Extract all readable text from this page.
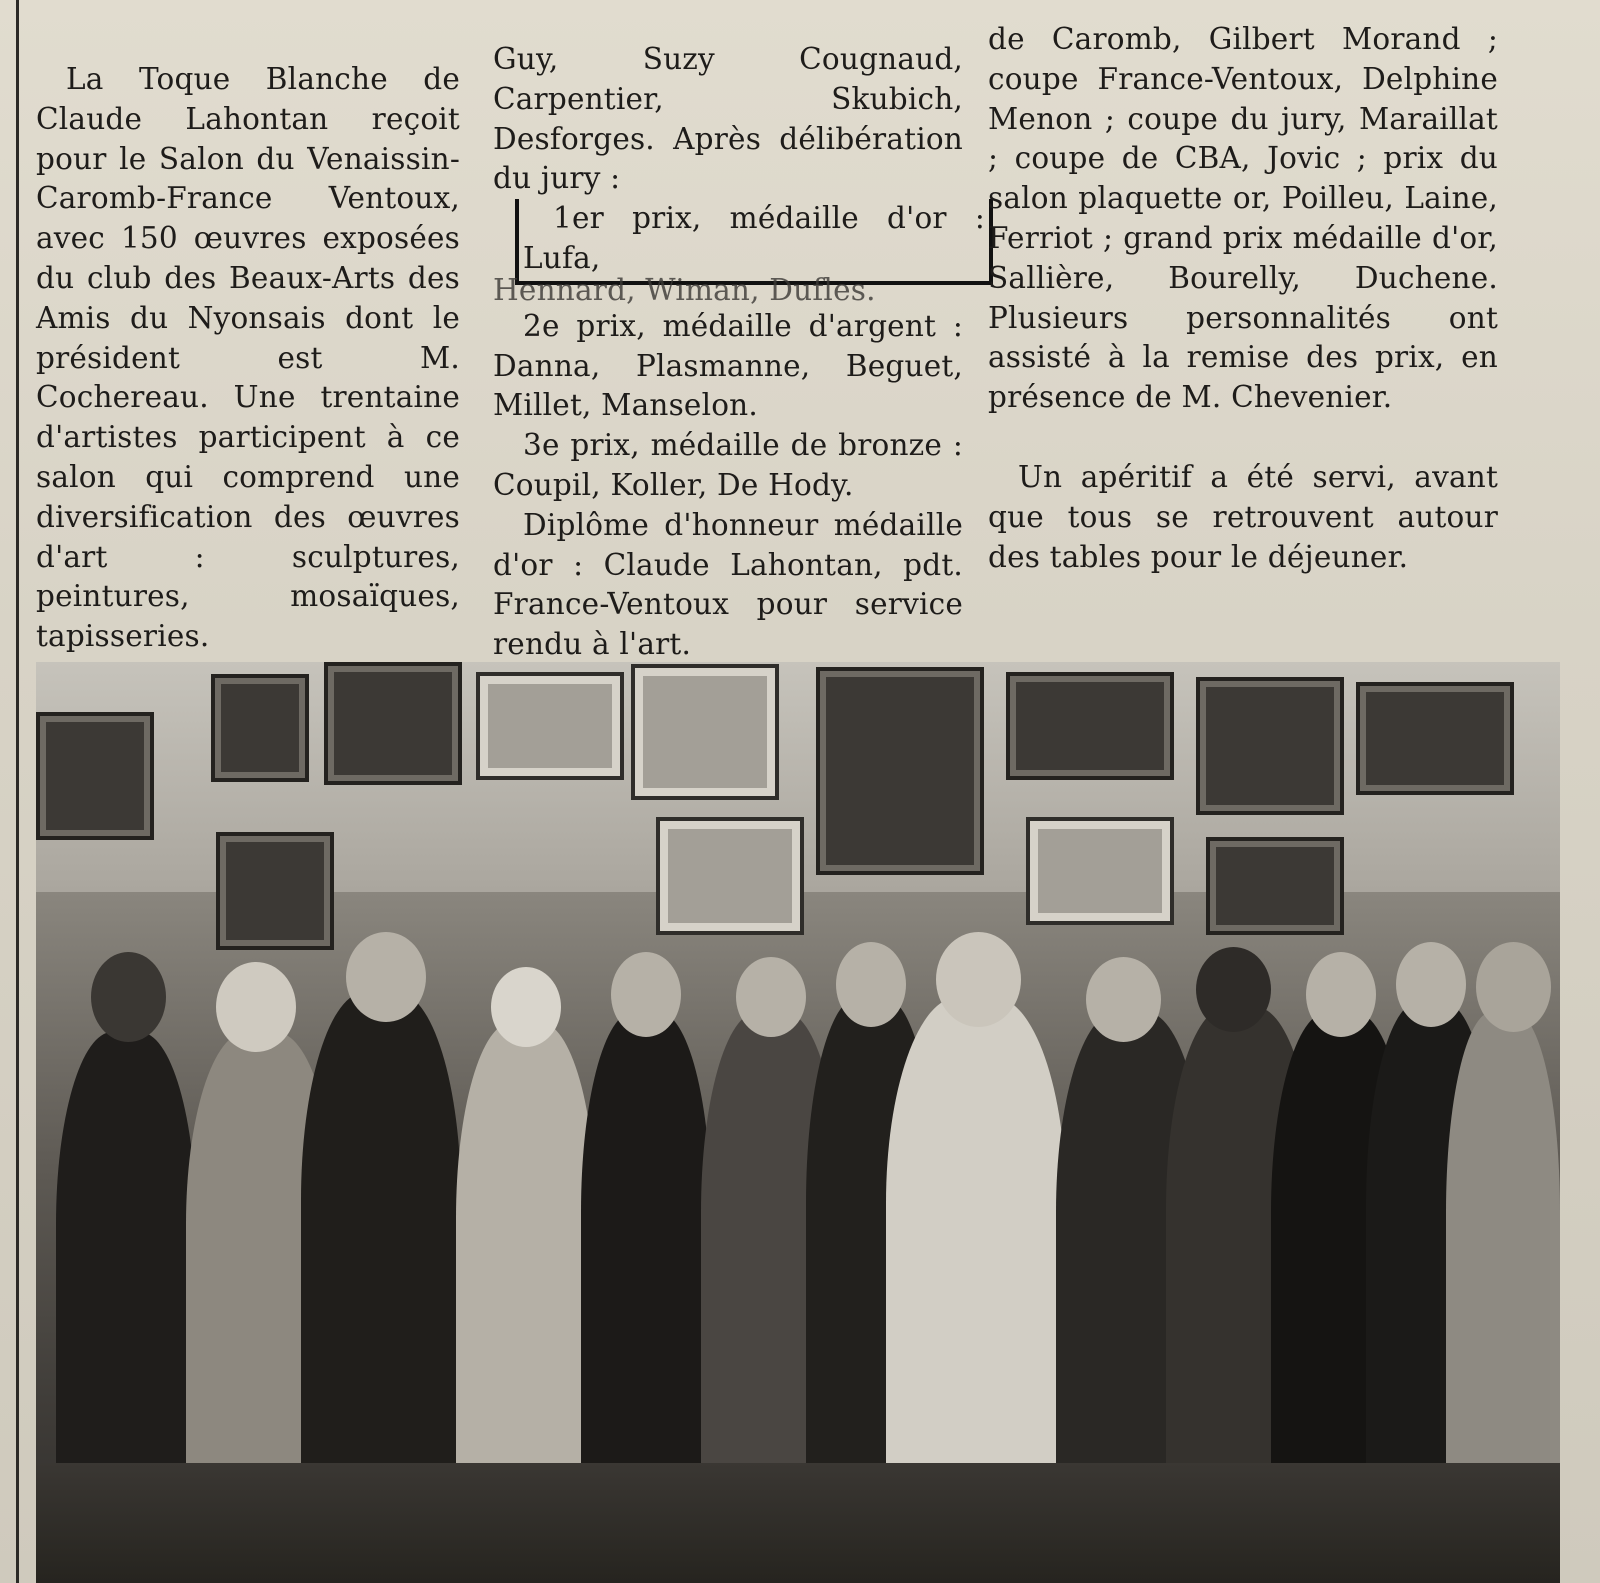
La Toque Blanche de Claude Lahontan reçoit pour le Salon du Venaissin-Caromb-France Ventoux, avec 150 œuvres exposées du club des Beaux-Arts des Amis du Nyonsais dont le président est M. Cochereau. Une trentaine d'artistes participent à ce salon qui comprend une diversification des œuvres d'art : sculptures, peintures, mosaïques, tapisseries.

Guy, Suzy Cougnaud, Carpentier, Skubich, Desforges. Après délibération du jury :

1er prix, médaille d'or : Lufa,

Hennard, Wiman, Dufles.

2e prix, médaille d'argent : Danna, Plasmanne, Beguet, Millet, Manselon.

3e prix, médaille de bronze : Coupil, Koller, De Hody.

Diplôme d'honneur médaille d'or : Claude Lahontan, pdt. France-Ventoux pour service rendu à l'art.

de Caromb, Gilbert Morand ; coupe France-Ventoux, Delphine Menon ; coupe du jury, Maraillat ; coupe de CBA, Jovic ; prix du salon plaquette or, Poilleu, Laine, Ferriot ; grand prix médaille d'or, Sallière, Bourelly, Duchene. Plusieurs personnalités ont assisté à la remise des prix, en présence de M. Chevenier.

Un apéritif a été servi, avant que tous se retrouvent autour des tables pour le déjeuner.
